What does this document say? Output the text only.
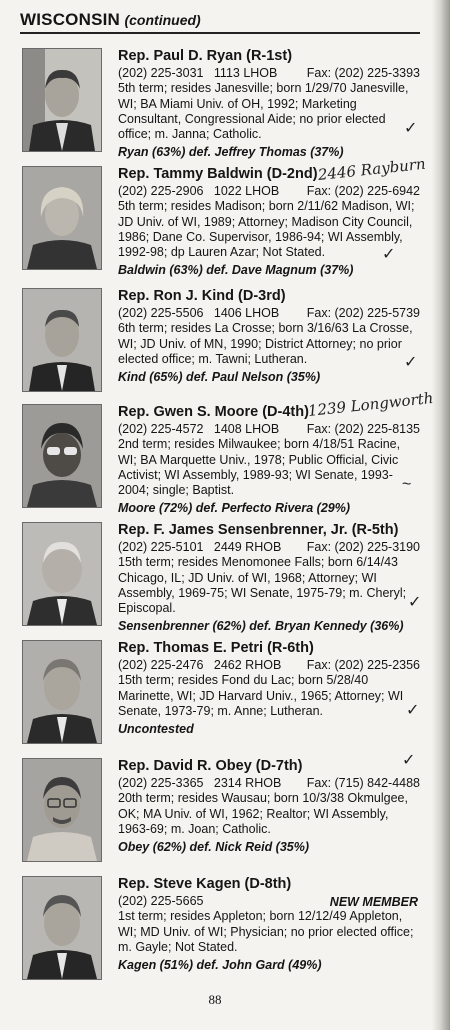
WISCONSIN (continued)
Rep. Paul D. Ryan (R-1st)
Fax: (202) 225-3393
(202) 225-3031 1113 LHOB
5th term; resides Janesville; born 1/29/70 Janesville, WI; BA Miami Univ. of OH, 1992; Marketing Consultant, Congressional Aide; no prior elected office; m. Janna; Catholic.
Ryan (63%) def. Jeffrey Thomas (37%)
✓
Rep. Tammy Baldwin (D-2nd)
Fax: (202) 225-6942
(202) 225-2906 1022 LHOB
5th term; resides Madison; born 2/11/62 Madison, WI; JD Univ. of WI, 1989; Attorney; Madison City Council, 1986; Dane Co. Supervisor, 1986-94; WI Assembly, 1992-98; dp Lauren Azar; Not Stated.
Baldwin (63%) def. Dave Magnum (37%)
2446 Rayburn
✓
Rep. Ron J. Kind (D-3rd)
Fax: (202) 225-5739
(202) 225-5506 1406 LHOB
6th term; resides La Crosse; born 3/16/63 La Crosse, WI; JD Univ. of MN, 1990; District Attorney; no prior elected office; m. Tawni; Lutheran.
Kind (65%) def. Paul Nelson (35%)
✓
Rep. Gwen S. Moore (D-4th)
Fax: (202) 225-8135
(202) 225-4572 1408 LHOB
2nd term; resides Milwaukee; born 4/18/51 Racine, WI; BA Marquette Univ., 1978; Public Official, Civic Activist; WI Assembly, 1989-93; WI Senate, 1993-2004; single; Baptist.
Moore (72%) def. Perfecto Rivera (29%)
1239 Longworth
~
Rep. F. James Sensenbrenner, Jr. (R-5th)
Fax: (202) 225-3190
(202) 225-5101 2449 RHOB
15th term; resides Menomonee Falls; born 6/14/43 Chicago, IL; JD Univ. of WI, 1968; Attorney; WI Assembly, 1969-75; WI Senate, 1975-79; m. Cheryl; Episcopal.
Sensenbrenner (62%) def. Bryan Kennedy (36%)
✓
Rep. Thomas E. Petri (R-6th)
Fax: (202) 225-2356
(202) 225-2476 2462 RHOB
15th term; resides Fond du Lac; born 5/28/40 Marinette, WI; JD Harvard Univ., 1965; Attorney; WI Senate, 1973-79; m. Anne; Lutheran.
Uncontested
✓
Rep. David R. Obey (D-7th)
Fax: (715) 842-4488
(202) 225-3365 2314 RHOB
20th term; resides Wausau; born 10/3/38 Okmulgee, OK; MA Univ. of WI, 1962; Realtor; WI Assembly, 1963-69; m. Joan; Catholic.
Obey (62%) def. Nick Reid (35%)
✓
Rep. Steve Kagen (D-8th)
(202) 225-5665
1st term; resides Appleton; born 12/12/49 Appleton, WI; MD Univ. of WI; Physician; no prior elected office; m. Gayle; Not Stated.
Kagen (51%) def. John Gard (49%)
NEW MEMBER
88
